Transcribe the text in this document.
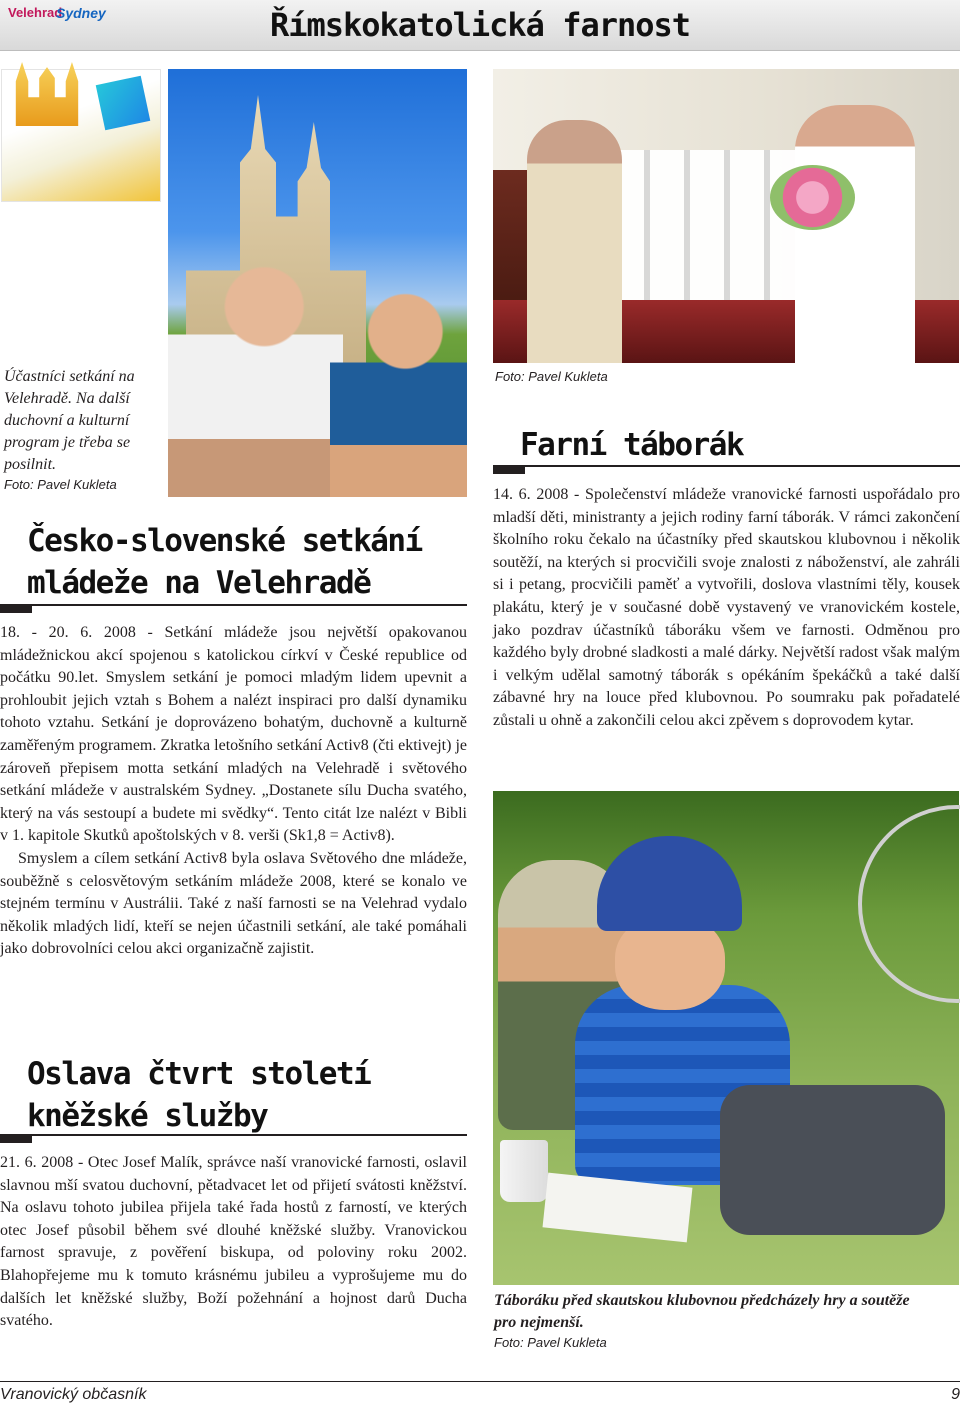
Římskokatolická farnost
Velehrad
Sydney
Účastníci setkání na Velehradě. Na další duchovní a kulturní program je třeba se posilnit.
Foto: Pavel Kukleta
Foto: Pavel Kukleta
Česko-slovenské setkání mládeže na Velehradě

18. - 20. 6. 2008 - Setkání mládeže jsou největší opakovanou mládežnickou akcí spojenou s katolickou církví v České republice od počátku 90.let. Smyslem setkání je pomoci mladým lidem upevnit a prohloubit jejich vztah s Bohem a nalézt inspiraci pro další dynamiku tohoto vztahu. Setkání je doprovázeno bohatým, duchovně a kulturně zaměřeným programem. Zkratka letošního setkání Activ8 (čti ektivejt) je zároveň přepisem motta setkání mladých na Velehradě i světového setkání mládeže v australském Sydney. „Dostanete sílu Ducha svatého, který na vás sestoupí a budete mi svědky“. Tento citát lze nalézt v Bibli v 1. kapitole Skutků apoštolských v 8. verši (Sk1,8 = Activ8).

Smyslem a cílem setkání Activ8 byla oslava Světového dne mládeže, souběžně s celosvětovým setkáním mládeže 2008, které se konalo ve stejném termínu v Austrálii. Také z naší farnosti se na Velehrad vydalo několik mladých lidí, kteří se nejen účastnili setkání, ale také pomáhali jako dobrovolníci celou akci organizačně zajistit.

Oslava čtvrt století kněžské služby

21. 6. 2008 - Otec Josef Malík, správce naší vranovické farnosti, oslavil slavnou mší svatou duchovní, pětadvacet let od přijetí svátosti kněžství. Na oslavu tohoto jubilea přijela také řada hostů z farností, ve kterých otec Josef působil během své dlouhé kněžské služby. Vranovickou farnost spravuje, z pověření biskupa, od poloviny roku 2002. Blahopřejeme mu k tomuto krásnému jubileu a vyprošujeme mu do dalších let kněžské služby, Boží požehnání a hojnost darů Ducha svatého.

Farní táborák

14. 6. 2008 - Společenství mládeže vranovické farnosti uspořádalo pro mladší děti, ministranty a jejich rodiny farní táborák. V rámci zakončení školního roku čekalo na účastníky před skautskou klubovnou i několik soutěží, na kterých si procvičili svoje znalosti z náboženství, ale zahráli si i petang, procvičili paměť a vytvořili, doslova vlastními těly, kousek plakátu, který je v současné době vystavený ve vranovickém kostele, jako pozdrav účastníků táboráku všem ve farnosti. Odměnou pro každého byly drobné sladkosti a malé dárky. Největší radost však malým i velkým udělal samotný táborák s opékáním špekáčků a také další zábavné hry na louce před klubovnou. Po soumraku pak pořadatelé zůstali u ohně a zakončili celou akci zpěvem s doprovodem kytar.

Táboráku před skautskou klubovnou předcházely hry a soutěže pro nejmenší.
Foto: Pavel Kukleta
Vranovický občasník	9
